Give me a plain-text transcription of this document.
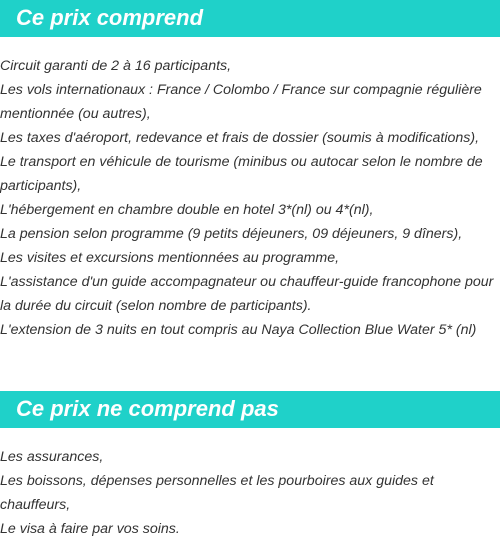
Ce prix comprend
Circuit garanti de 2 à 16 participants,
Les vols internationaux : France / Colombo / France sur compagnie régulière mentionnée (ou autres),
Les taxes d'aéroport, redevance et frais de dossier (soumis à modifications),
Le transport en véhicule de tourisme (minibus ou autocar selon le nombre de participants),
L'hébergement en chambre double en hotel 3*(nl) ou 4*(nl),
La pension selon programme (9 petits déjeuners, 09 déjeuners, 9 dîners),
Les visites et excursions mentionnées au programme,
L'assistance d'un guide accompagnateur ou chauffeur-guide francophone pour la durée du circuit (selon nombre de participants).
L'extension de 3 nuits en tout compris au Naya Collection Blue Water 5* (nl)
Ce prix ne comprend pas
Les assurances,
Les boissons, dépenses personnelles et les pourboires aux guides et chauffeurs,
Le visa à faire par vos soins.
